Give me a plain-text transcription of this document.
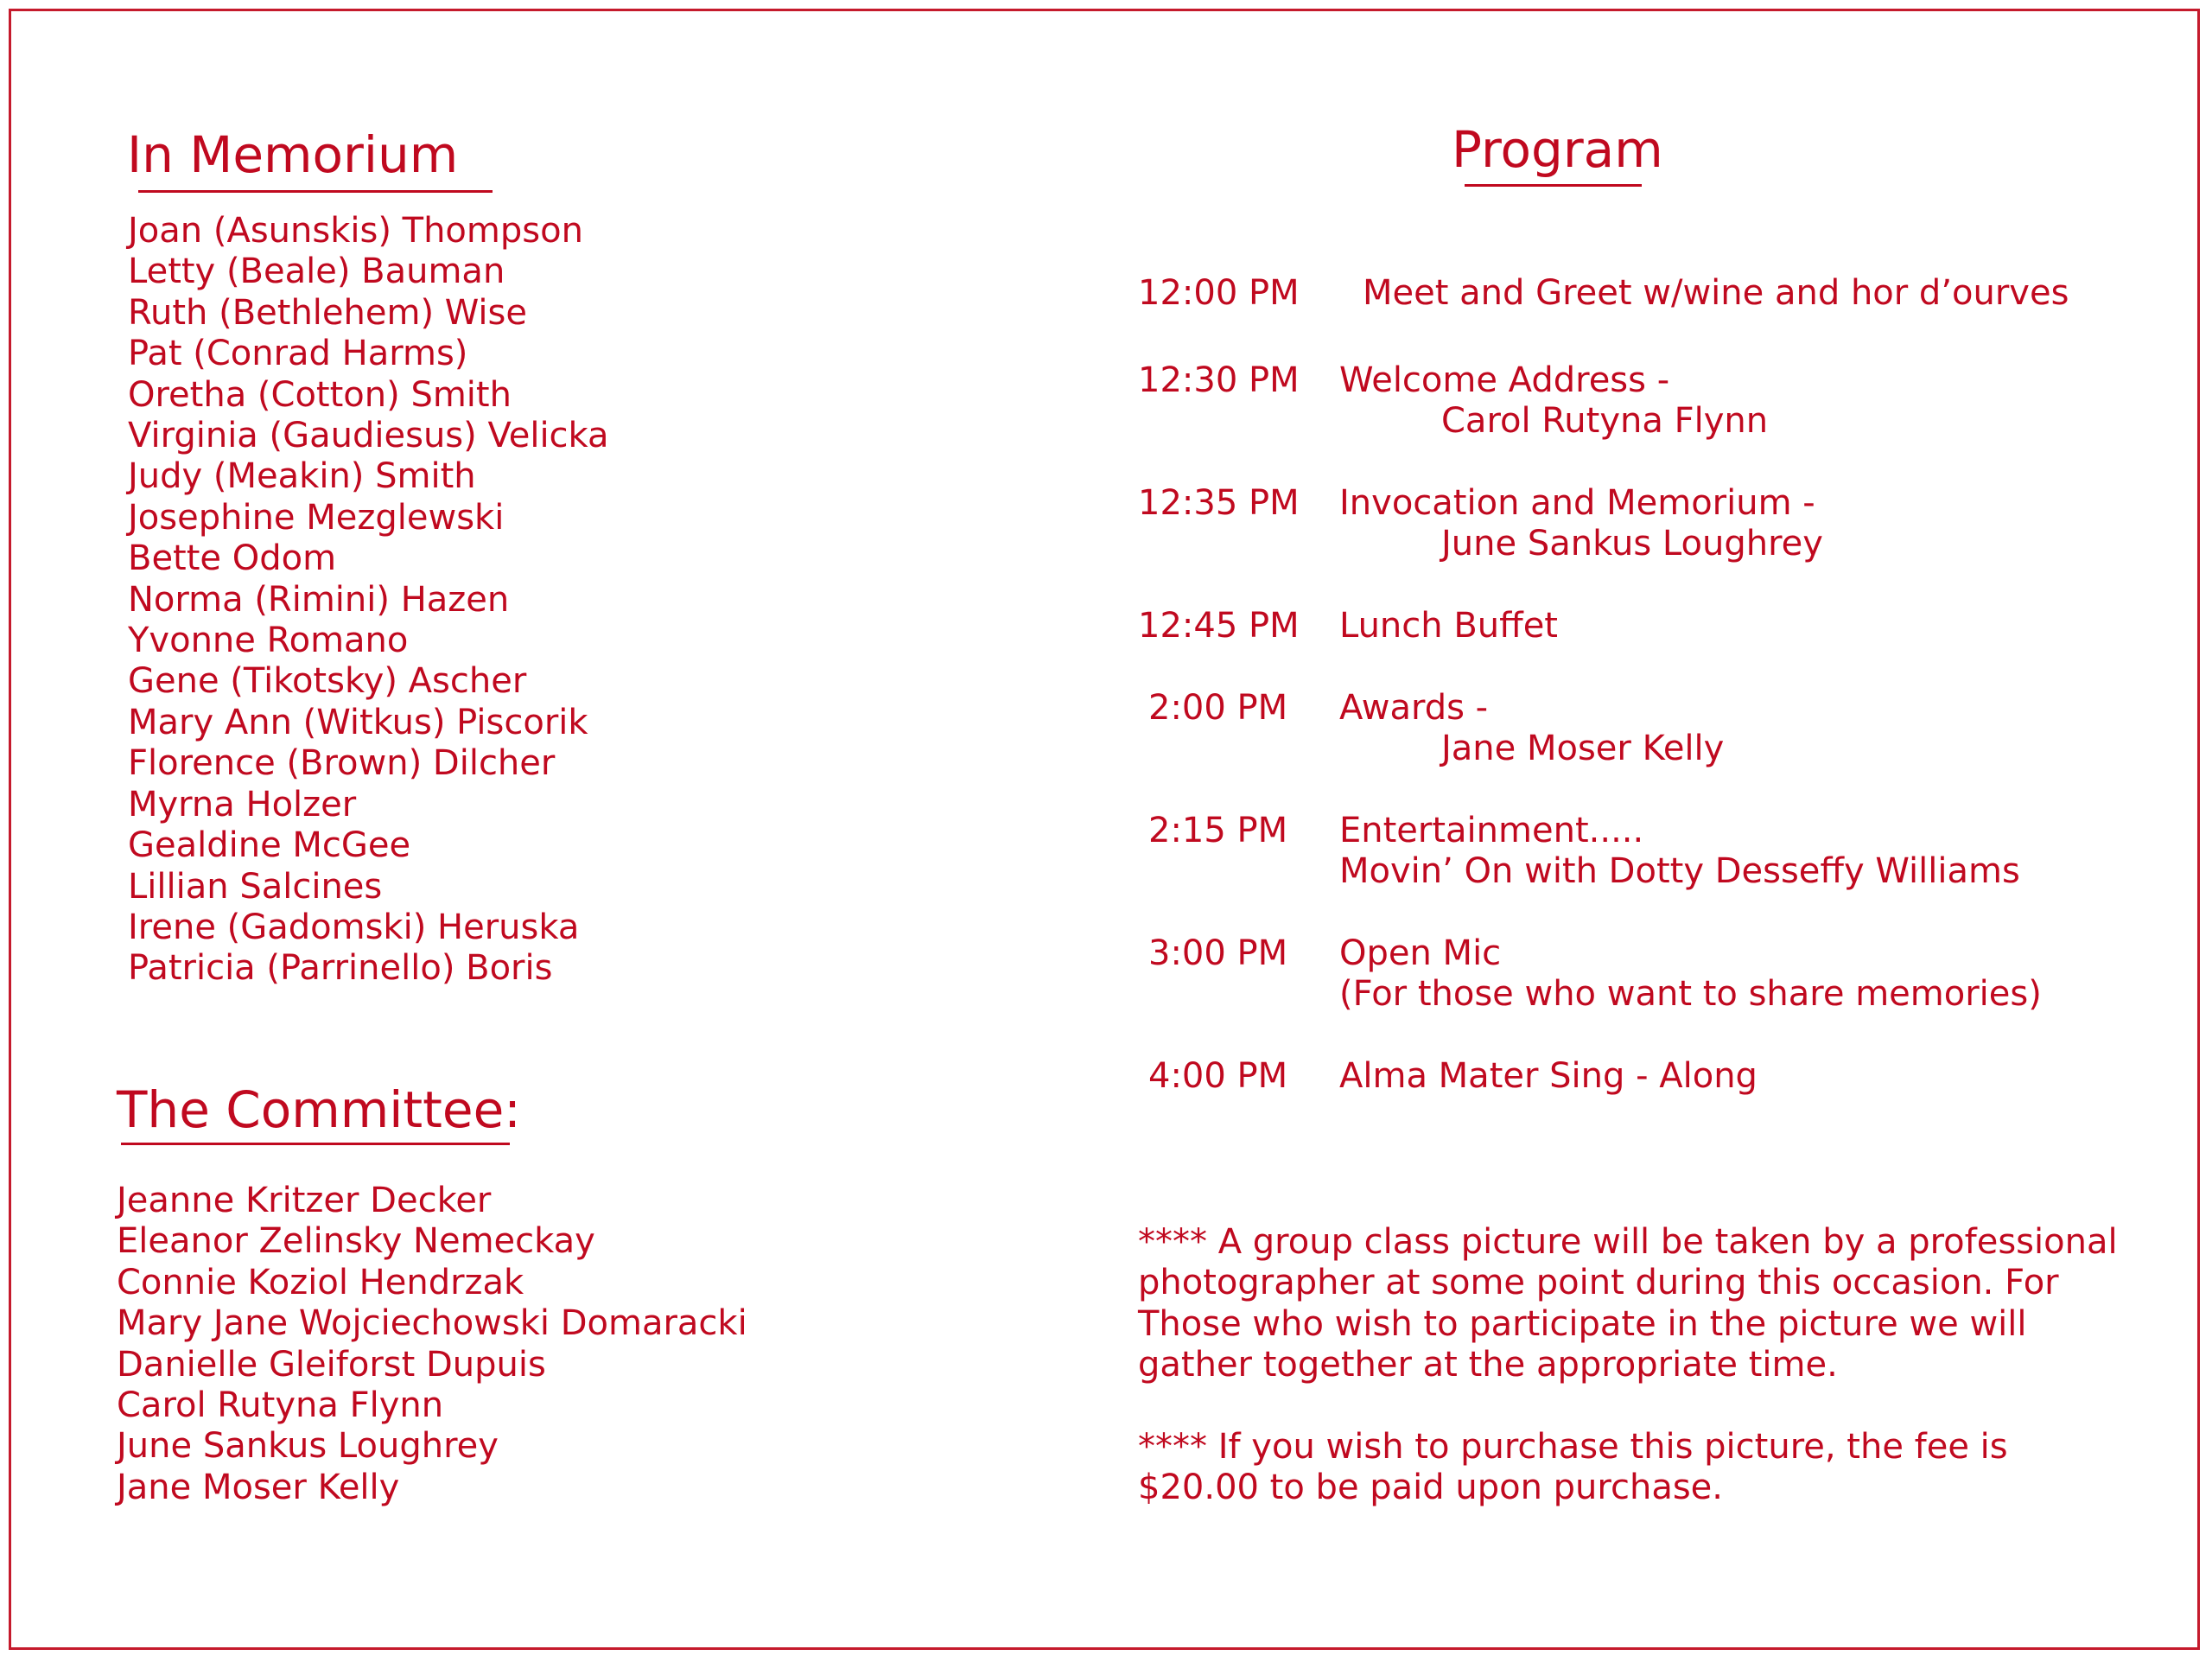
In Memorium
Joan (Asunskis) Thompson
Letty (Beale) Bauman
Ruth (Bethlehem) Wise
Pat (Conrad Harms)
Oretha (Cotton) Smith
Virginia (Gaudiesus) Velicka
Judy (Meakin) Smith
Josephine Mezglewski
Bette Odom
Norma (Rimini) Hazen
Yvonne Romano
Gene (Tikotsky) Ascher
Mary Ann (Witkus) Piscorik
Florence (Brown) Dilcher
Myrna Holzer
Gealdine McGee
Lillian Salcines
Irene (Gadomski) Heruska
Patricia (Parrinello) Boris
The Committee:
Jeanne Kritzer Decker
Eleanor Zelinsky Nemeckay
Connie Koziol Hendrzak
Mary Jane Wojciechowski Domaracki
Danielle Gleiforst Dupuis
Carol Rutyna Flynn
June Sankus Loughrey
Jane Moser Kelly
Program
12:00 PM Meet and Greet w/wine and hor d’ourves
12:30 PM Welcome Address -
Carol Rutyna Flynn
12:35 PM Invocation and Memorium -
June Sankus Loughrey
12:45 PM Lunch Buffet
2:00 PM Awards -
Jane Moser Kelly
2:15 PM Entertainment.....
Movin’ On with Dotty Desseffy Williams
3:00 PM Open Mic
(For those who want to share memories)
4:00 PM Alma Mater Sing - Along

**** A group class picture will be taken by a professional
photographer at some point during this occasion. For
Those who wish to participate in the picture we will
gather together at the appropriate time.

**** If you wish to purchase this picture, the fee is
$20.00 to be paid upon purchase.
